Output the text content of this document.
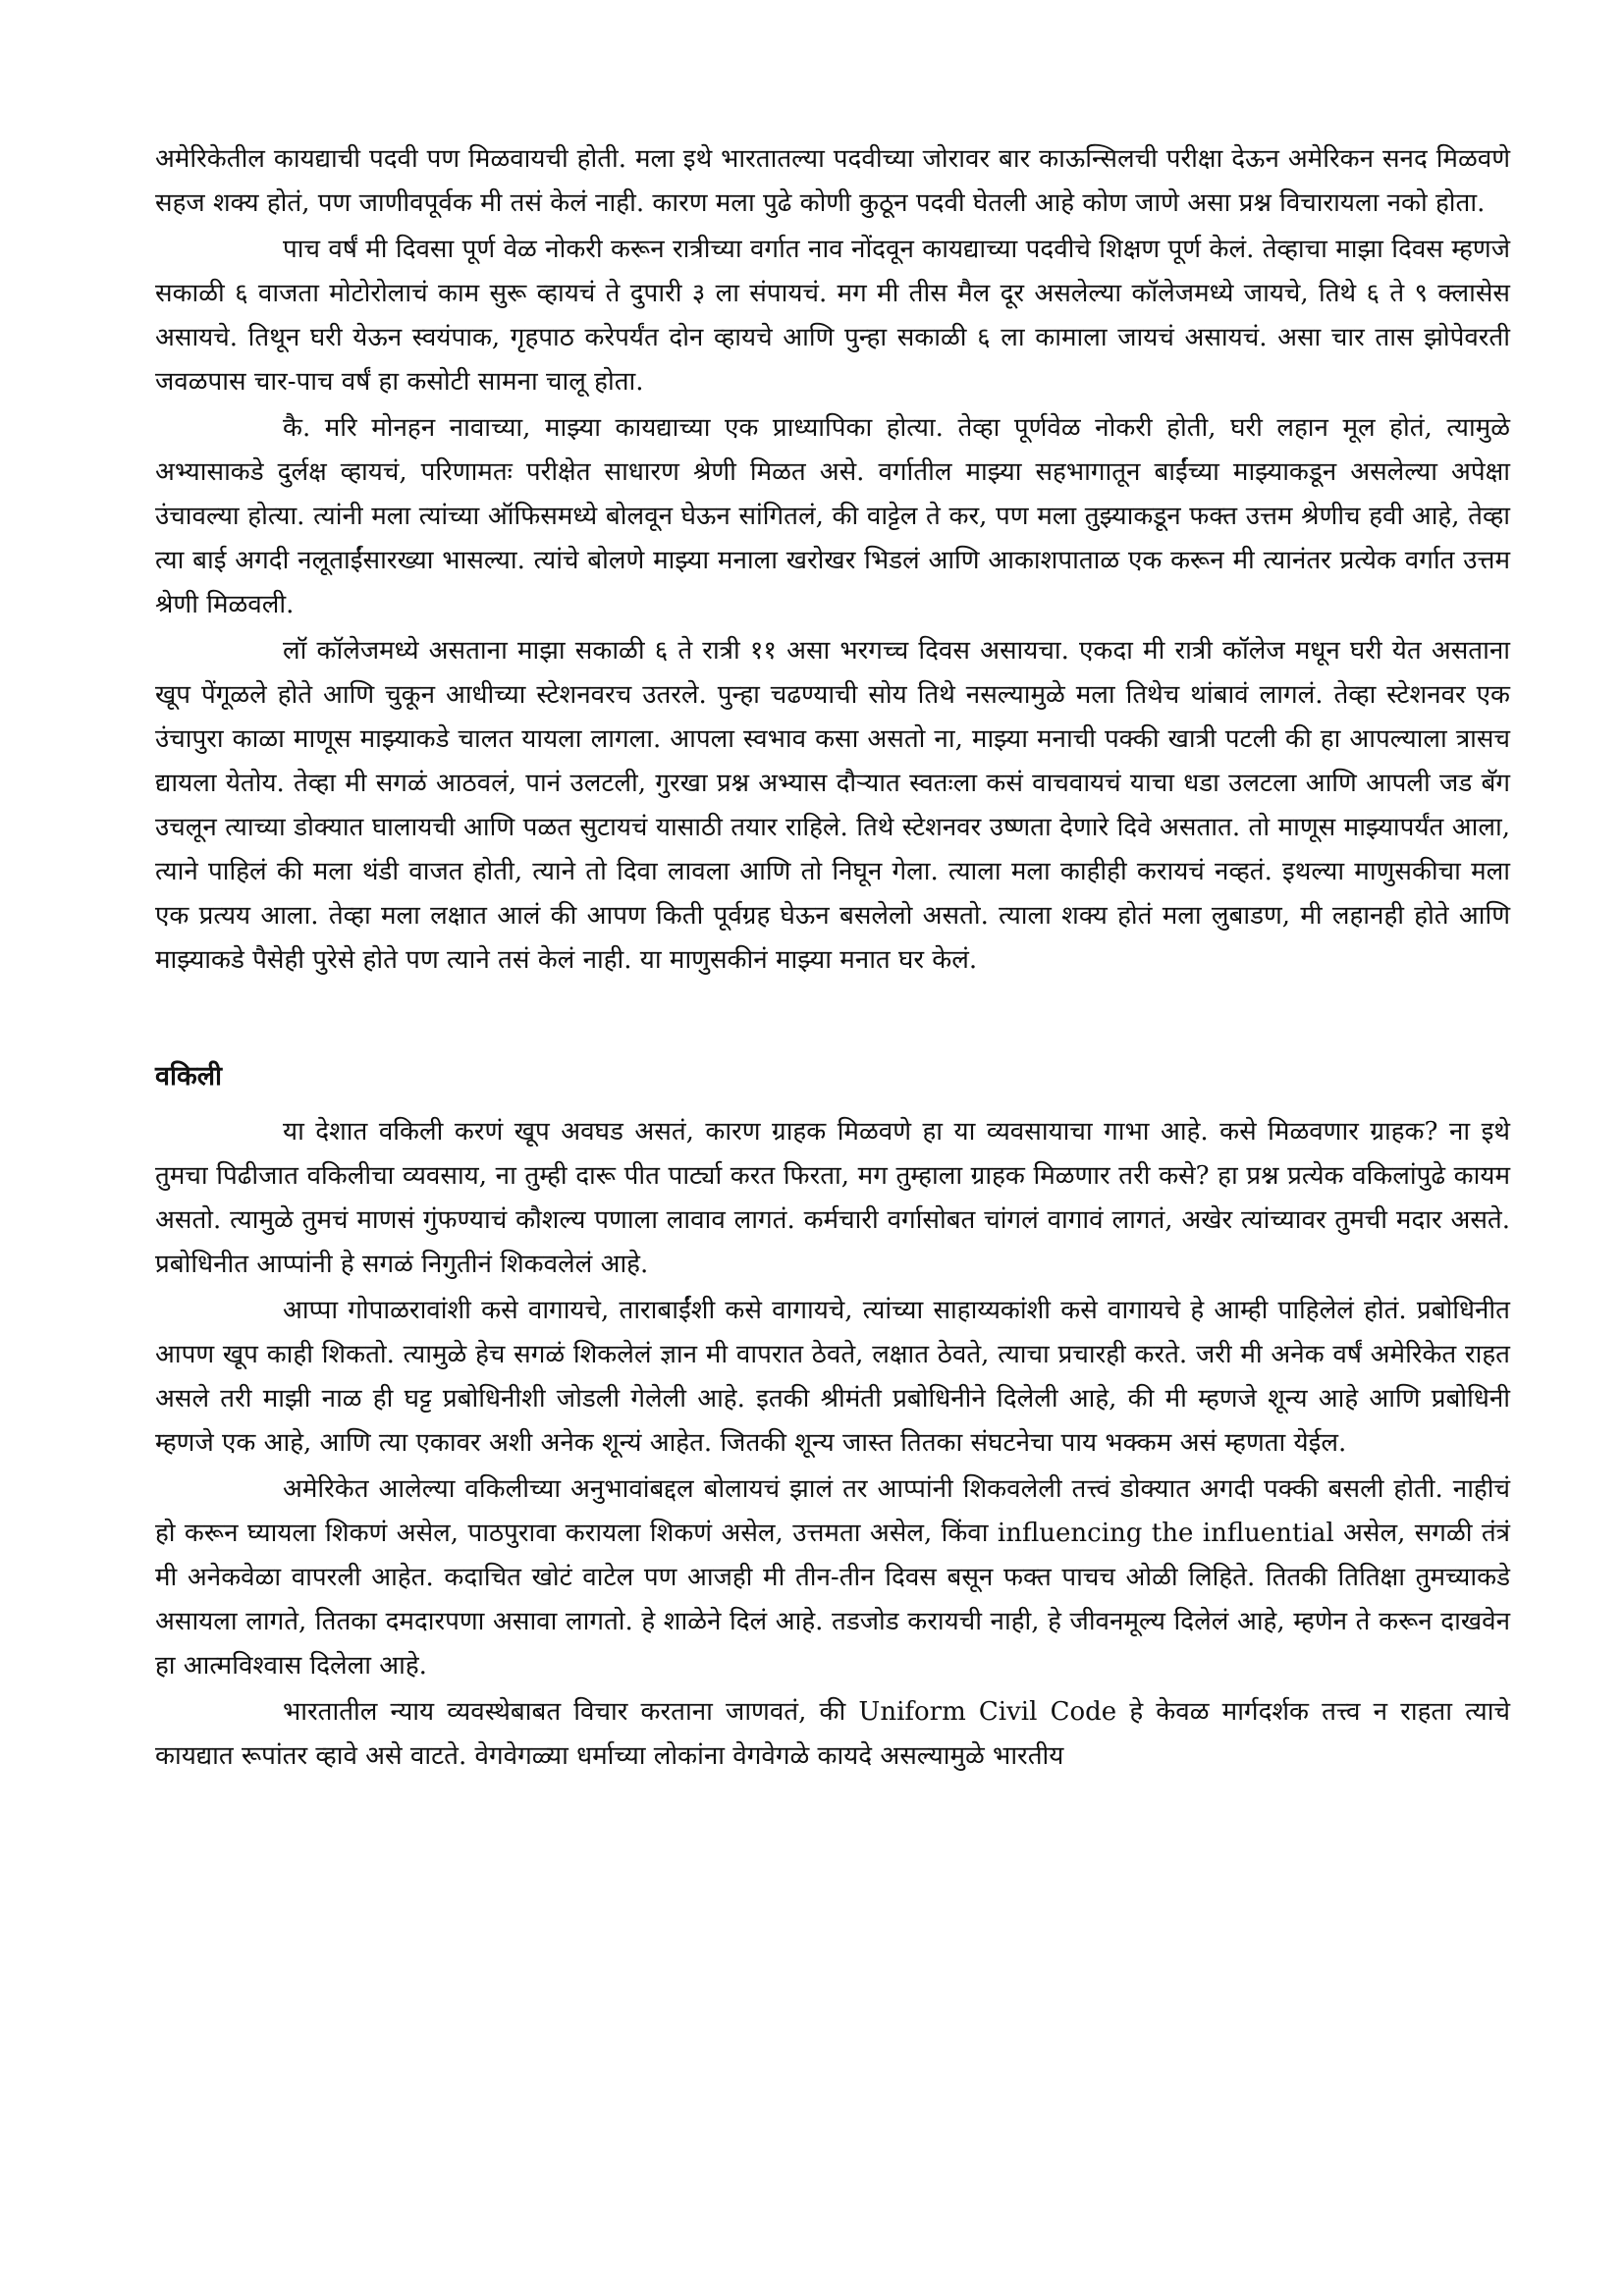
अमेरिकेतील कायद्याची पदवी पण मिळवायची होती. मला इथे भारतातल्या पदवीच्या जोरावर बार काऊन्सिलची परीक्षा देऊन अमेरिकन सनद मिळवणे सहज शक्य होतं, पण जाणीवपूर्वक मी तसं केलं नाही. कारण मला पुढे कोणी कुठून पदवी घेतली आहे कोण जाणे असा प्रश्न विचारायला नको होता.

पाच वर्षं मी दिवसा पूर्ण वेळ नोकरी करून रात्रीच्या वर्गात नाव नोंदवून कायद्याच्या पदवीचे शिक्षण पूर्ण केलं. तेव्हाचा माझा दिवस म्हणजे सकाळी ६ वाजता मोटोरोलाचं काम सुरू व्हायचं ते दुपारी ३ ला संपायचं. मग मी तीस मैल दूर असलेल्या कॉलेजमध्ये जायचे, तिथे ६ ते ९ क्लासेस असायचे. तिथून घरी येऊन स्वयंपाक, गृहपाठ करेपर्यंत दोन व्हायचे आणि पुन्हा सकाळी ६ ला कामाला जायचं असायचं. असा चार तास झोपेवरती जवळपास चार-पाच वर्षं हा कसोटी सामना चालू होता.

कै. मरि मोनहन नावाच्या, माझ्या कायद्याच्या एक प्राध्यापिका होत्या. तेव्हा पूर्णवेळ नोकरी होती, घरी लहान मूल होतं, त्यामुळे अभ्यासाकडे दुर्लक्ष व्हायचं, परिणामतः परीक्षेत साधारण श्रेणी मिळत असे. वर्गातील माझ्या सहभागातून बाईंच्या माझ्याकडून असलेल्या अपेक्षा उंचावल्या होत्या. त्यांनी मला त्यांच्या ऑफिसमध्ये बोलवून घेऊन सांगितलं, की वाट्टेल ते कर, पण मला तुझ्याकडून फक्त उत्तम श्रेणीच हवी आहे, तेव्हा त्या बाई अगदी नलूताईंसारख्या भासल्या. त्यांचे बोलणे माझ्या मनाला खरोखर भिडलं आणि आकाशपाताळ एक करून मी त्यानंतर प्रत्येक वर्गात उत्तम श्रेणी मिळवली.

लॉ कॉलेजमध्ये असताना माझा सकाळी ६ ते रात्री ११ असा भरगच्च दिवस असायचा. एकदा मी रात्री कॉलेज मधून घरी येत असताना खूप पेंगूळले होते आणि चुकून आधीच्या स्टेशनवरच उतरले. पुन्हा चढण्याची सोय तिथे नसल्यामुळे मला तिथेच थांबावं लागलं. तेव्हा स्टेशनवर एक उंचापुरा काळा माणूस माझ्याकडे चालत यायला लागला. आपला स्वभाव कसा असतो ना, माझ्या मनाची पक्की खात्री पटली की हा आपल्याला त्रासच द्यायला येतोय. तेव्हा मी सगळं आठवलं, पानं उलटली, गुरखा प्रश्न अभ्यास दौऱ्यात स्वतःला कसं वाचवायचं याचा धडा उलटला आणि आपली जड बॅग उचलून त्याच्या डोक्यात घालायची आणि पळत सुटायचं यासाठी तयार राहिले. तिथे स्टेशनवर उष्णता देणारे दिवे असतात. तो माणूस माझ्यापर्यंत आला, त्याने पाहिलं की मला थंडी वाजत होती, त्याने तो दिवा लावला आणि तो निघून गेला. त्याला मला काहीही करायचं नव्हतं. इथल्या माणुसकीचा मला एक प्रत्यय आला. तेव्हा मला लक्षात आलं की आपण किती पूर्वग्रह घेऊन बसलेलो असतो. त्याला शक्य होतं मला लुबाडण, मी लहानही होते आणि माझ्याकडे पैसेही पुरेसे होते पण त्याने तसं केलं नाही. या माणुसकीनं माझ्या मनात घर केलं.

वकिली

या देशात वकिली करणं खूप अवघड असतं, कारण ग्राहक मिळवणे हा या व्यवसायाचा गाभा आहे. कसे मिळवणार ग्राहक? ना इथे तुमचा पिढीजात वकिलीचा व्यवसाय, ना तुम्ही दारू पीत पार्ट्या करत फिरता, मग तुम्हाला ग्राहक मिळणार तरी कसे? हा प्रश्न प्रत्येक वकिलांपुढे कायम असतो. त्यामुळे तुमचं माणसं गुंफण्याचं कौशल्य पणाला लावाव लागतं. कर्मचारी वर्गासोबत चांगलं वागावं लागतं, अखेर त्यांच्यावर तुमची मदार असते. प्रबोधिनीत आप्पांनी हे सगळं निगुतीनं शिकवलेलं आहे.

आप्पा गोपाळरावांशी कसे वागायचे, ताराबाईंशी कसे वागायचे, त्यांच्या साहाय्यकांशी कसे वागायचे हे आम्ही पाहिलेलं होतं. प्रबोधिनीत आपण खूप काही शिकतो. त्यामुळे हेच सगळं शिकलेलं ज्ञान मी वापरात ठेवते, लक्षात ठेवते, त्याचा प्रचारही करते. जरी मी अनेक वर्षं अमेरिकेत राहत असले तरी माझी नाळ ही घट्ट प्रबोधिनीशी जोडली गेलेली आहे. इतकी श्रीमंती प्रबोधिनीने दिलेली आहे, की मी म्हणजे शून्य आहे आणि प्रबोधिनी म्हणजे एक आहे, आणि त्या एकावर अशी अनेक शून्यं आहेत. जितकी शून्य जास्त तितका संघटनेचा पाय भक्कम असं म्हणता येईल.

अमेरिकेत आलेल्या वकिलीच्या अनुभावांबद्दल बोलायचं झालं तर आप्पांनी शिकवलेली तत्त्वं डोक्यात अगदी पक्की बसली होती. नाहीचं हो करून घ्यायला शिकणं असेल, पाठपुरावा करायला शिकणं असेल, उत्तमता असेल, किंवा influencing the influential असेल, सगळी तंत्रं मी अनेकवेळा वापरली आहेत. कदाचित खोटं वाटेल पण आजही मी तीन-तीन दिवस बसून फक्त पाचच ओळी लिहिते. तितकी तितिक्षा तुमच्याकडे असायला लागते, तितका दमदारपणा असावा लागतो. हे शाळेने दिलं आहे. तडजोड करायची नाही, हे जीवनमूल्य दिलेलं आहे, म्हणेन ते करून दाखवेन हा आत्मविश्वास दिलेला आहे.

भारतातील न्याय व्यवस्थेबाबत विचार करताना जाणवतं, की Uniform Civil Code हे केवळ मार्गदर्शक तत्त्व न राहता त्याचे कायद्यात रूपांतर व्हावे असे वाटते. वेगवेगळ्या धर्माच्या लोकांना वेगवेगळे कायदे असल्यामुळे भारतीय
